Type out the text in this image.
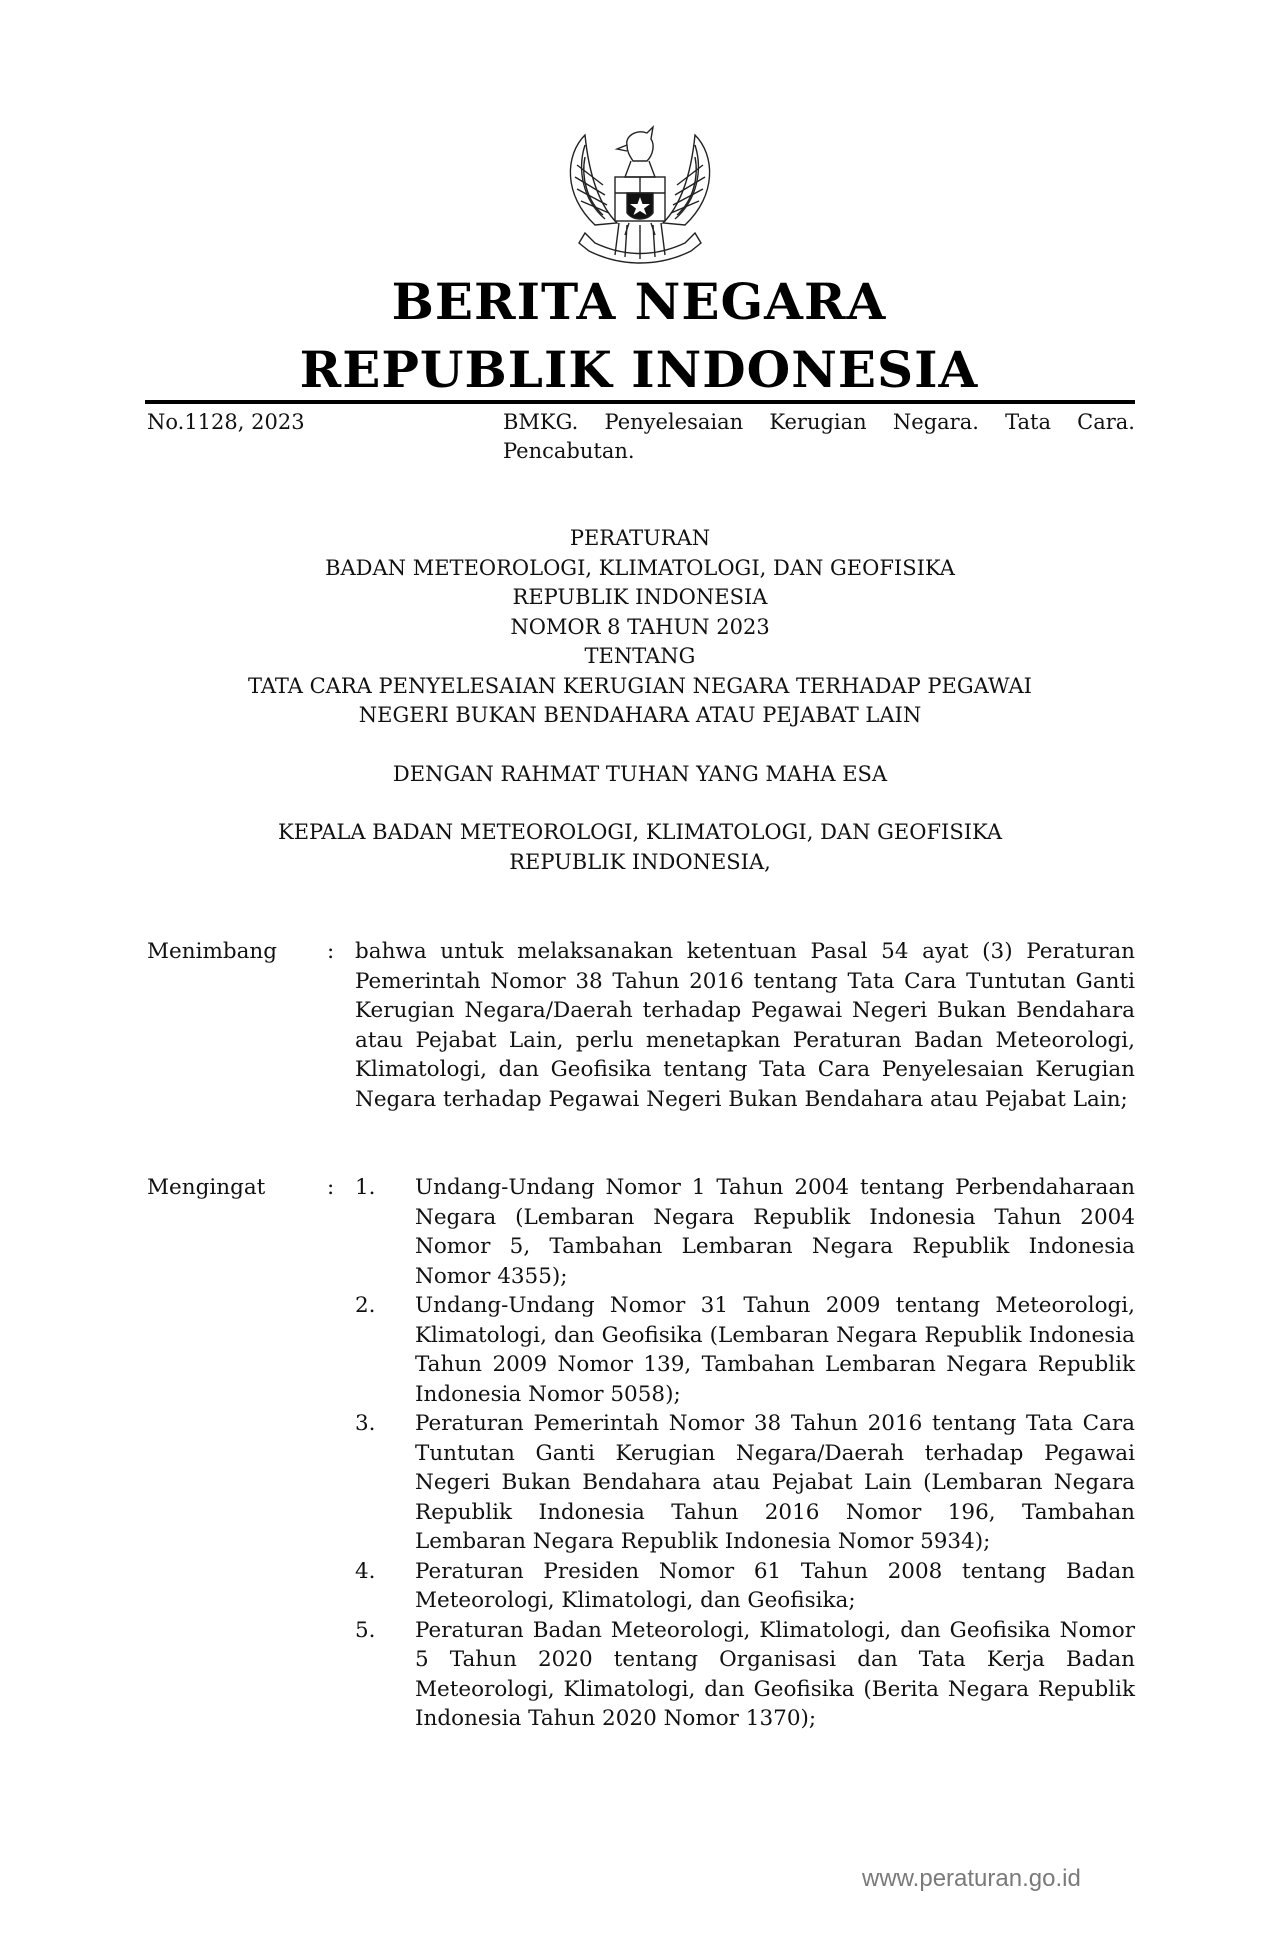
BERITA NEGARA
REPUBLIK INDONESIA
No.1128, 2023	BMKG. Penyelesaian Kerugian Negara. Tata Cara.
Pencabutan.
PERATURAN
BADAN METEOROLOGI, KLIMATOLOGI, DAN GEOFISIKA
REPUBLIK INDONESIA
NOMOR 8 TAHUN 2023
TENTANG
TATA CARA PENYELESAIAN KERUGIAN NEGARA TERHADAP PEGAWAI
NEGERI BUKAN BENDAHARA ATAU PEJABAT LAIN
DENGAN RAHMAT TUHAN YANG MAHA ESA
KEPALA BADAN METEOROLOGI, KLIMATOLOGI, DAN GEOFISIKA
REPUBLIK INDONESIA,
Menimbang : bahwa untuk melaksanakan ketentuan Pasal 54 ayat (3) Peraturan Pemerintah Nomor 38 Tahun 2016 tentang Tata Cara Tuntutan Ganti Kerugian Negara/Daerah terhadap Pegawai Negeri Bukan Bendahara atau Pejabat Lain, perlu menetapkan Peraturan Badan Meteorologi, Klimatologi, dan Geofisika tentang Tata Cara Penyelesaian Kerugian Negara terhadap Pegawai Negeri Bukan Bendahara atau Pejabat Lain;
Mengingat	: 1. Undang-Undang Nomor 1 Tahun 2004 tentang Perbendaharaan Negara (Lembaran Negara Republik Indonesia Tahun 2004 Nomor 5, Tambahan Lembaran Negara Republik Indonesia Nomor 4355);
2. Undang-Undang Nomor 31 Tahun 2009 tentang Meteorologi, Klimatologi, dan Geofisika (Lembaran Negara Republik Indonesia Tahun 2009 Nomor 139, Tambahan Lembaran Negara Republik Indonesia Nomor 5058);
3. Peraturan Pemerintah Nomor 38 Tahun 2016 tentang Tata Cara Tuntutan Ganti Kerugian Negara/Daerah terhadap Pegawai Negeri Bukan Bendahara atau Pejabat Lain (Lembaran Negara Republik Indonesia Tahun 2016 Nomor 196, Tambahan Lembaran Negara Republik Indonesia Nomor 5934);
4. Peraturan Presiden Nomor 61 Tahun 2008 tentang Badan Meteorologi, Klimatologi, dan Geofisika;
5. Peraturan Badan Meteorologi, Klimatologi, dan Geofisika Nomor 5 Tahun 2020 tentang Organisasi dan Tata Kerja Badan Meteorologi, Klimatologi, dan Geofisika (Berita Negara Republik Indonesia Tahun 2020 Nomor 1370);
www.peraturan.go.id
